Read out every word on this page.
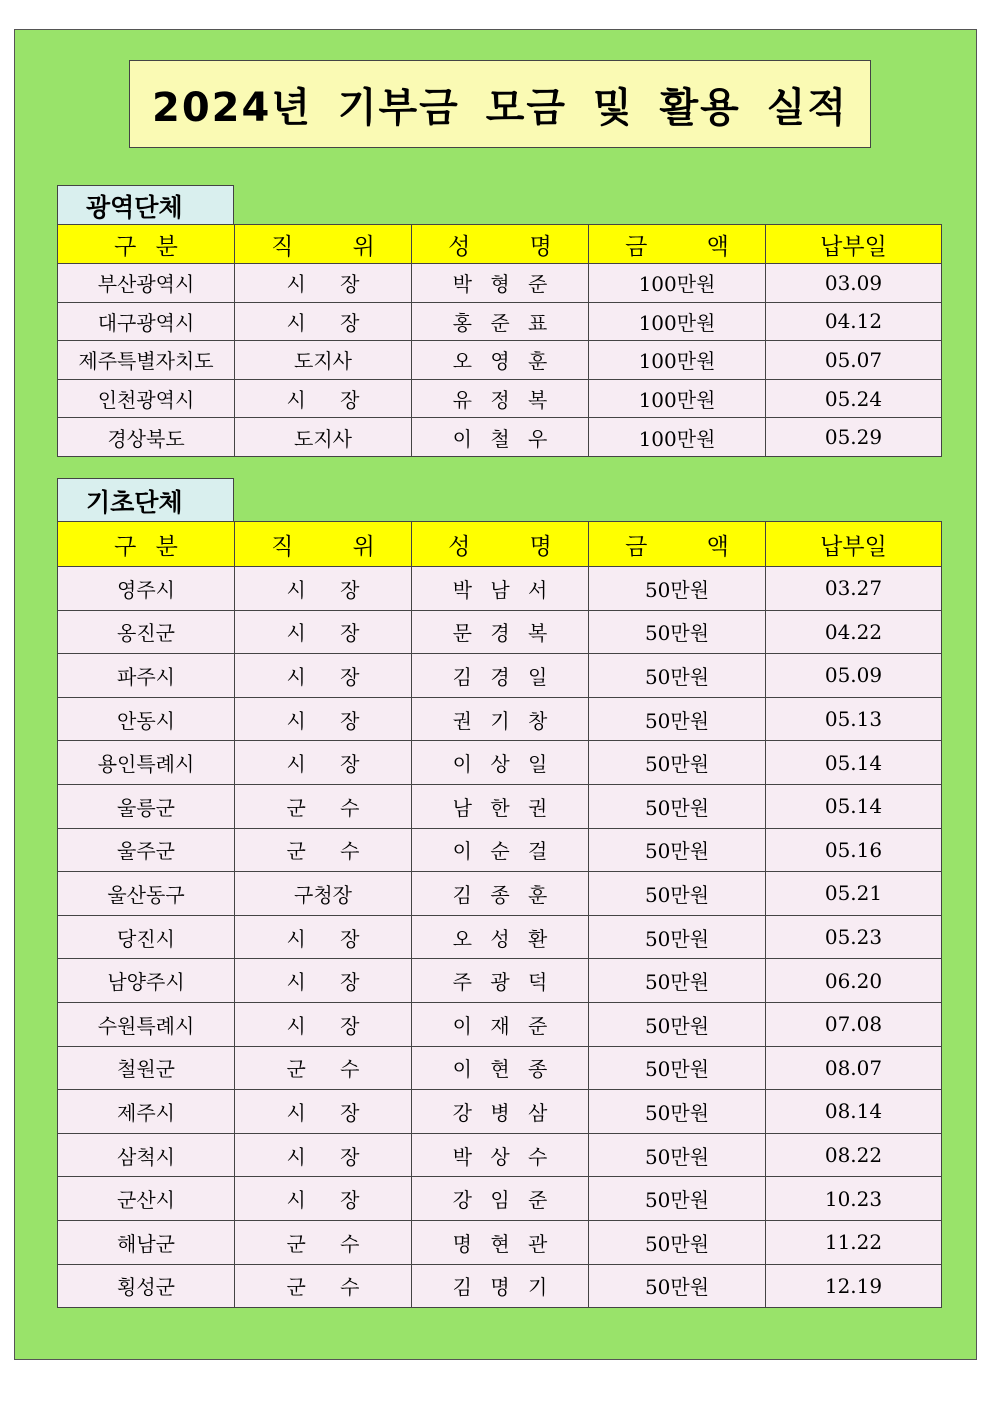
2024년 기부금 모금 및 활용 실적
광역단체
구 분	직 위	성 명	금 액	납부일
부산광역시	시 장	박 형 준	100만원	03.09
대구광역시	시 장	홍 준 표	100만원	04.12
제주특별자치도	도지사	오 영 훈	100만원	05.07
인천광역시	시 장	유 정 복	100만원	05.24
경상북도	도지사	이 철 우	100만원	05.29
기초단체
구 분	직 위	성 명	금 액	납부일
영주시	시 장	박 남 서	50만원	03.27
옹진군	시 장	문 경 복	50만원	04.22
파주시	시 장	김 경 일	50만원	05.09
안동시	시 장	권 기 창	50만원	05.13
용인특례시	시 장	이 상 일	50만원	05.14
울릉군	군 수	남 한 권	50만원	05.14
울주군	군 수	이 순 걸	50만원	05.16
울산동구	구청장	김 종 훈	50만원	05.21
당진시	시 장	오 성 환	50만원	05.23
남양주시	시 장	주 광 덕	50만원	06.20
수원특례시	시 장	이 재 준	50만원	07.08
철원군	군 수	이 현 종	50만원	08.07
제주시	시 장	강 병 삼	50만원	08.14
삼척시	시 장	박 상 수	50만원	08.22
군산시	시 장	강 임 준	50만원	10.23
해남군	군 수	명 현 관	50만원	11.22
횡성군	군 수	김 명 기	50만원	12.19
